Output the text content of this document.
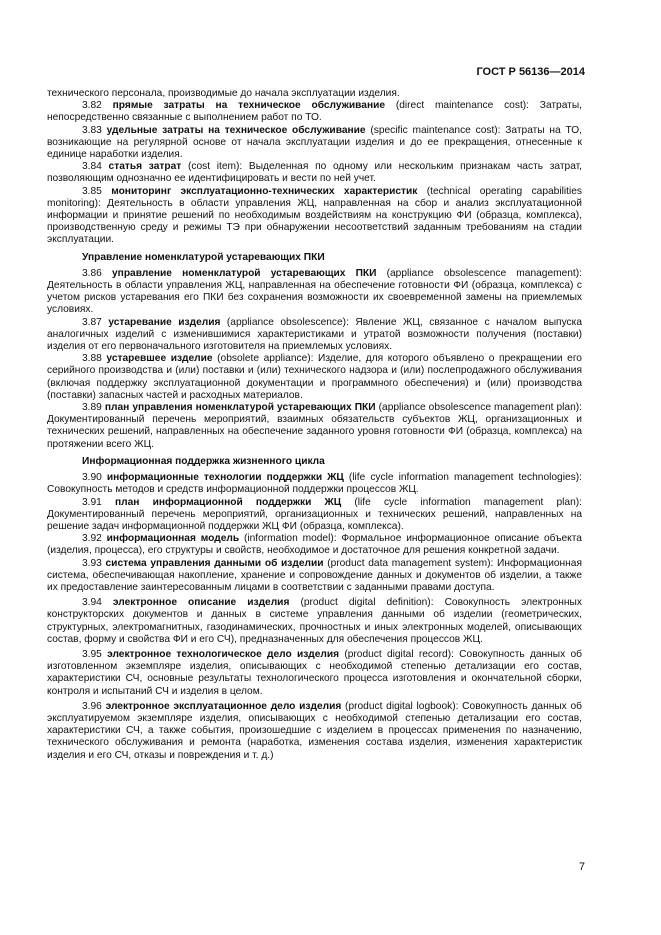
ГОСТ Р 56136—2014

технического персонала, производимые до начала эксплуатации изделия.

3.82 прямые затраты на техническое обслуживание (direct maintenance cost): Затраты, непосредственно связанные с выполнением работ по ТО.

3.83 удельные затраты на техническое обслуживание (specific maintenance cost): Затраты на ТО, возникающие на регулярной основе от начала эксплуатации изделия и до ее прекращения, отнесенные к единице наработки изделия.

3.84 статья затрат (cost item): Выделенная по одному или нескольким признакам часть затрат, позволяющим однозначно ее идентифицировать и вести по ней учет.

3.85 мониторинг эксплуатационно-технических характеристик (technical operating capabilities monitoring): Деятельность в области управления ЖЦ, направленная на сбор и анализ эксплуатационной информации и принятие решений по необходимым воздействиям на конструкцию ФИ (образца, комплекса), производственную среду и режимы ТЭ при обнаружении несоответствий заданным требованиям на стадии эксплуатации.

Управление номенклатурой устаревающих ПКИ

3.86 управление номенклатурой устаревающих ПКИ (appliance obsolescence management): Деятельность в области управления ЖЦ, направленная на обеспечение готовности ФИ (образца, комплекса) с учетом рисков устаревания его ПКИ без сохранения возможности их своевременной замены на приемлемых условиях.

3.87 устаревание изделия (appliance obsolescence): Явление ЖЦ, связанное с началом выпуска аналогичных изделий с изменившимися характеристиками и утратой возможности получения (поставки) изделия от его первоначального изготовителя на приемлемых условиях.

3.88 устаревшее изделие (obsolete appliance): Изделие, для которого объявлено о прекращении его серийного производства и (или) поставки и (или) технического надзора и (или) послепродажного обслуживания (включая поддержку эксплуатационной документации и программного обеспечения) и (или) производства (поставки) запасных частей и расходных материалов.

3.89 план управления номенклатурой устаревающих ПКИ (appliance obsolescence management plan): Документированный перечень мероприятий, взаимных обязательств субъектов ЖЦ, организационных и технических решений, направленных на обеспечение заданного уровня готовности ФИ (образца, комплекса) на протяжении всего ЖЦ.

Информационная поддержка жизненного цикла

3.90 информационные технологии поддержки ЖЦ (life cycle information management technologies): Совокупность методов и средств информационной поддержки процессов ЖЦ.

3.91 план информационной поддержки ЖЦ (life cycle information management plan): Документированный перечень мероприятий, организационных и технических решений, направленных на решение задач информационной поддержки ЖЦ ФИ (образца, комплекса).

3.92 информационная модель (information model): Формальное информационное описание объекта (изделия, процесса), его структуры и свойств, необходимое и достаточное для решения конкретной задачи.

3.93 система управления данными об изделии (product data management system): Информационная система, обеспечивающая накопление, хранение и сопровождение данных и документов об изделии, а также их предоставление заинтересованным лицами в соответствии с заданными правами доступа.

3.94 электронное описание изделия (product digital definition): Совокупность электронных конструкторских документов и данных в системе управления данными об изделии (геометрических, структурных, электромагнитных, газодинамических, прочностных и иных электронных моделей, описывающих состав, форму и свойства ФИ и его СЧ), предназначенных для обеспечения процессов ЖЦ.

3.95 электронное технологическое дело изделия (product digital record): Совокупность данных об изготовленном экземпляре изделия, описывающих с необходимой степенью детализации его состав, характеристики СЧ, основные результаты технологического процесса изготовления и окончательной сборки, контроля и испытаний СЧ и изделия в целом.

3.96 электронное эксплуатационное дело изделия (product digital logbook): Совокупность данных об эксплуатируемом экземпляре изделия, описывающих с необходимой степенью детализации его состав, характеристики СЧ, а также события, произошедшие с изделием в процессах применения по назначению, технического обслуживания и ремонта (наработка, изменения состава изделия, изменения характеристик изделия и его СЧ, отказы и повреждения и т. д.)

7
